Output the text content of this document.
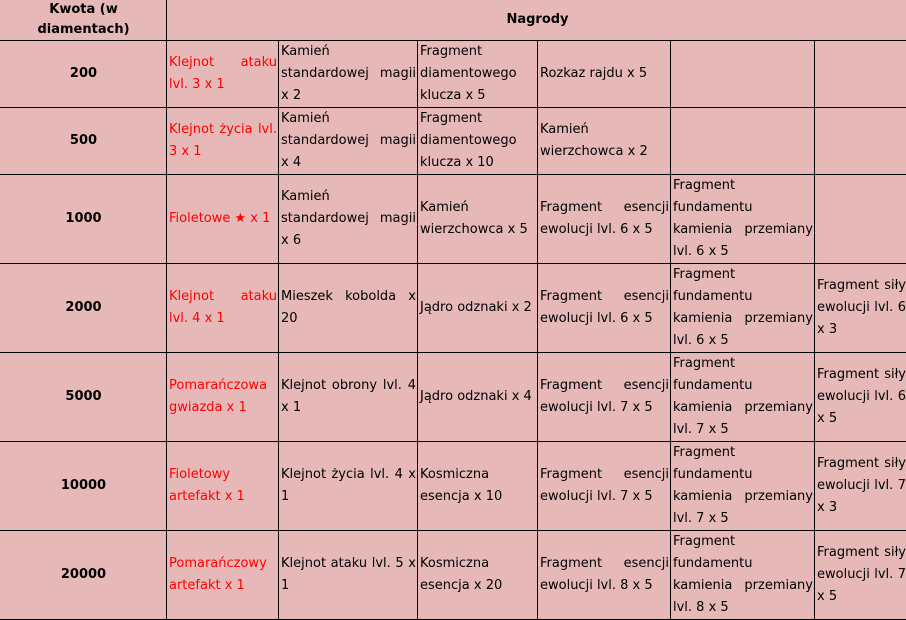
Kwota (w diamentach)	Nagrody					
200	Klejnot ataku lvl. 3 x 1	Kamień standardowej magii x 2	Fragment diamentowego klucza x 5	Rozkaz rajdu x 5		
500	Klejnot życia lvl. 3 x 1	Kamień standardowej magii x 4	Fragment diamentowego klucza x 10	Kamień wierzchowca x 2		
1000	Fioletowe ★ x 1	Kamień standardowej magii x 6	Kamień wierzchowca x 5	Fragment esencji ewolucji lvl. 6 x 5	Fragment fundamentu kamienia przemiany lvl. 6 x 5	
2000	Klejnot ataku lvl. 4 x 1	Mieszek kobolda x 20	Jądro odznaki x 2	Fragment esencji ewolucji lvl. 6 x 5	Fragment fundamentu kamienia przemiany lvl. 6 x 5	Fragment siły ewolucji lvl. 6 x 3
5000	Pomarańczowa gwiazda x 1	Klejnot obrony lvl. 4 x 1	Jądro odznaki x 4	Fragment esencji ewolucji lvl. 7 x 5	Fragment fundamentu kamienia przemiany lvl. 7 x 5	Fragment siły ewolucji lvl. 6 x 5
10000	Fioletowy artefakt x 1	Klejnot życia lvl. 4 x 1	Kosmiczna esencja x 10	Fragment esencji ewolucji lvl. 7 x 5	Fragment fundamentu kamienia przemiany lvl. 7 x 5	Fragment siły ewolucji lvl. 7 x 3
20000	Pomarańczowy artefakt x 1	Klejnot ataku lvl. 5 x 1	Kosmiczna esencja x 20	Fragment esencji ewolucji lvl. 8 x 5	Fragment fundamentu kamienia przemiany lvl. 8 x 5	Fragment siły ewolucji lvl. 7 x 5
